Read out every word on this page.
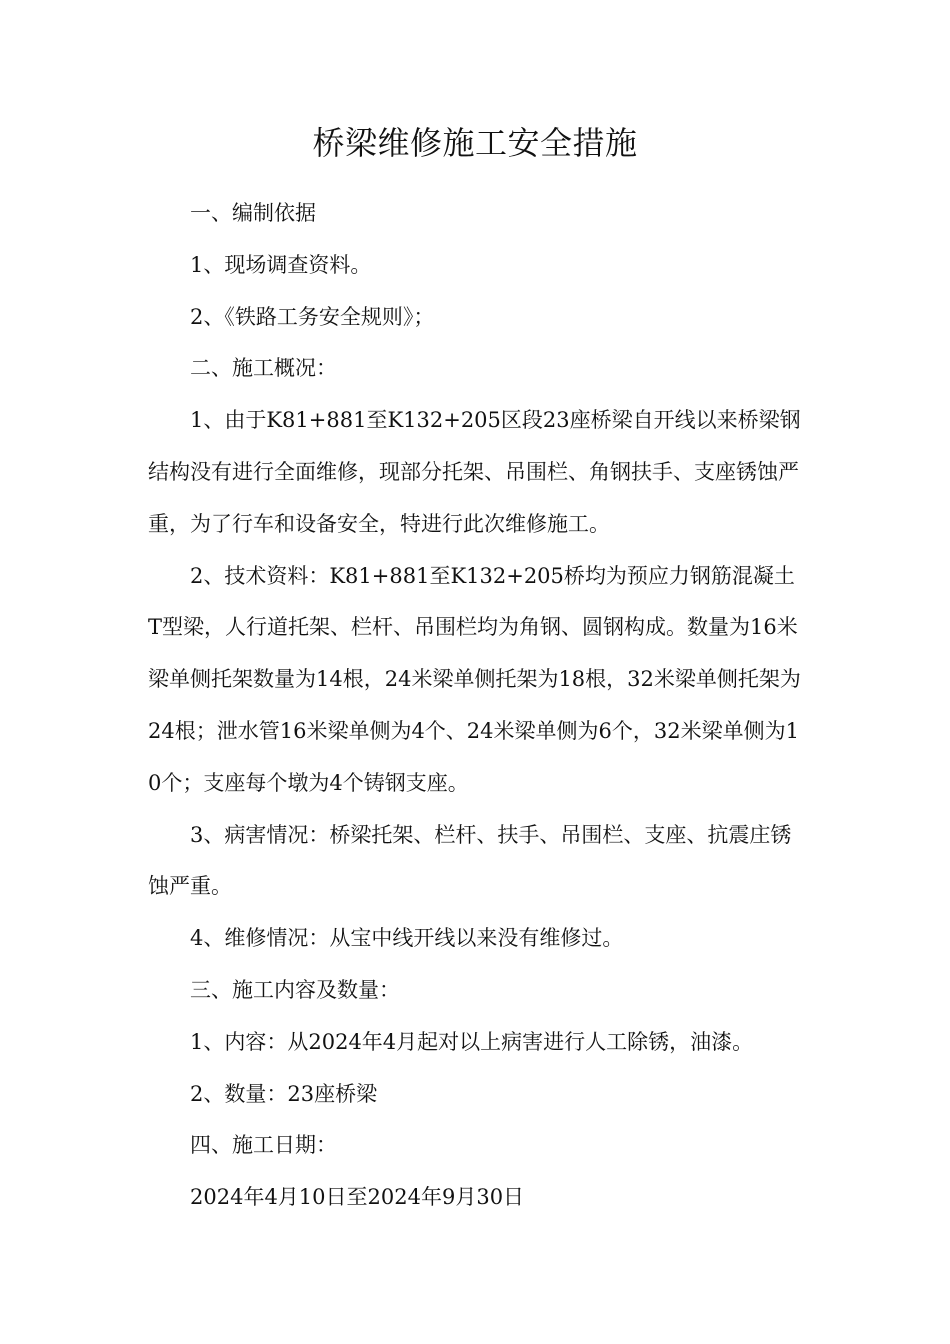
桥梁维修施工安全措施

一、编制依据

1、现场调查资料。

2、《铁路工务安全规则》；

二、施工概况：

1、由于K81+881至K132+205区段23座桥梁自开线以来桥梁钢结构没有进行全面维修，现部分托架、吊围栏、角钢扶手、支座锈蚀严重，为了行车和设备安全，特进行此次维修施工。

2、技术资料：K81+881至K132+205桥均为预应力钢筋混凝土T型梁，人行道托架、栏杆、吊围栏均为角钢、圆钢构成。数量为16米梁单侧托架数量为14根，24米梁单侧托架为18根，32米梁单侧托架为24根；泄水管16米梁单侧为4个、24米梁单侧为6个，32米梁单侧为10个；支座每个墩为4个铸钢支座。

3、病害情况：桥梁托架、栏杆、扶手、吊围栏、支座、抗震庄锈蚀严重。

4、维修情况：从宝中线开线以来没有维修过。

三、施工内容及数量：

1、内容：从2024年4月起对以上病害进行人工除锈，油漆。

2、数量：23座桥梁

四、施工日期：

2024年4月10日至2024年9月30日
